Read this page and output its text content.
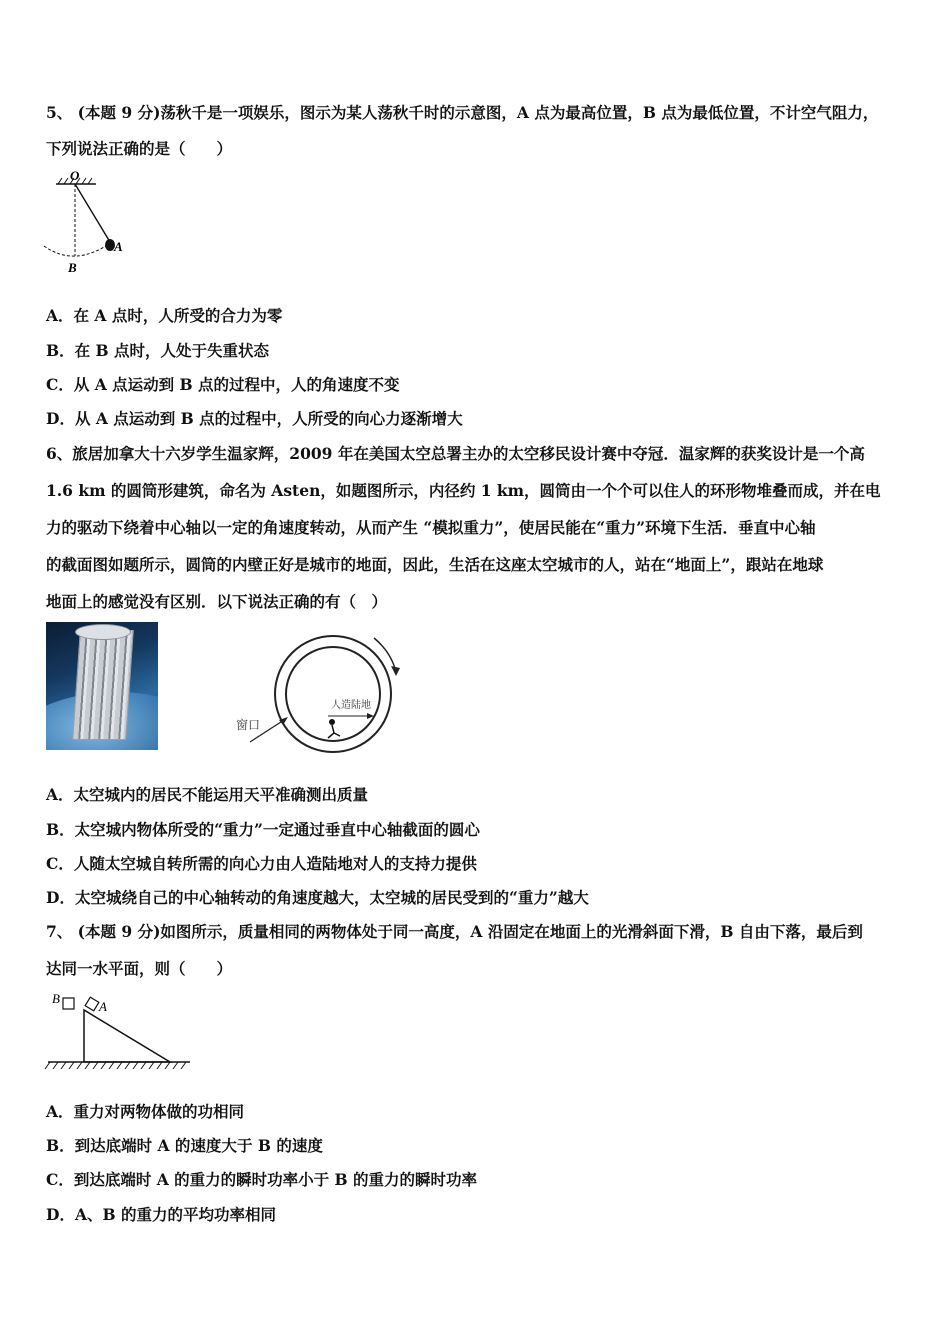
5、 (本题 9 分)荡秋千是一项娱乐，图示为某人荡秋千时的示意图，A 点为最高位置，B 点为最低位置，不计空气阻力，
下列说法正确的是（　　）
O
A
B
A．在 A 点时，人所受的合力为零
B．在 B 点时，人处于失重状态
C．从 A 点运动到 B 点的过程中，人的角速度不变
D．从 A 点运动到 B 点的过程中，人所受的向心力逐渐增大
6、旅居加拿大十六岁学生温家辉，2009 年在美国太空总署主办的太空移民设计赛中夺冠．温家辉的获奖设计是一个高
1.6 km 的圆筒形建筑，命名为 Asten，如题图所示，内径约 1 km，圆筒由一个个可以住人的环形物堆叠而成，并在电
力的驱动下绕着中心轴以一定的角速度转动，从而产生 “模拟重力”，使居民能在“重力”环境下生活．垂直中心轴
的截面图如题所示，圆筒的内壁正好是城市的地面，因此，生活在这座太空城市的人，站在“地面上”，跟站在地球
地面上的感觉没有区别．以下说法正确的有（　）
窗口
人造陆地
A．太空城内的居民不能运用天平准确测出质量
B．太空城内物体所受的“重力”一定通过垂直中心轴截面的圆心
C．人随太空城自转所需的向心力由人造陆地对人的支持力提供
D．太空城绕自己的中心轴转动的角速度越大，太空城的居民受到的“重力”越大
7、 (本题 9 分)如图所示，质量相同的两物体处于同一高度，A 沿固定在地面上的光滑斜面下滑，B 自由下落，最后到
达同一水平面，则（　　）
B
A
A．重力对两物体做的功相同
B．到达底端时 A 的速度大于 B 的速度
C．到达底端时 A 的重力的瞬时功率小于 B 的重力的瞬时功率
D．A、B 的重力的平均功率相同
